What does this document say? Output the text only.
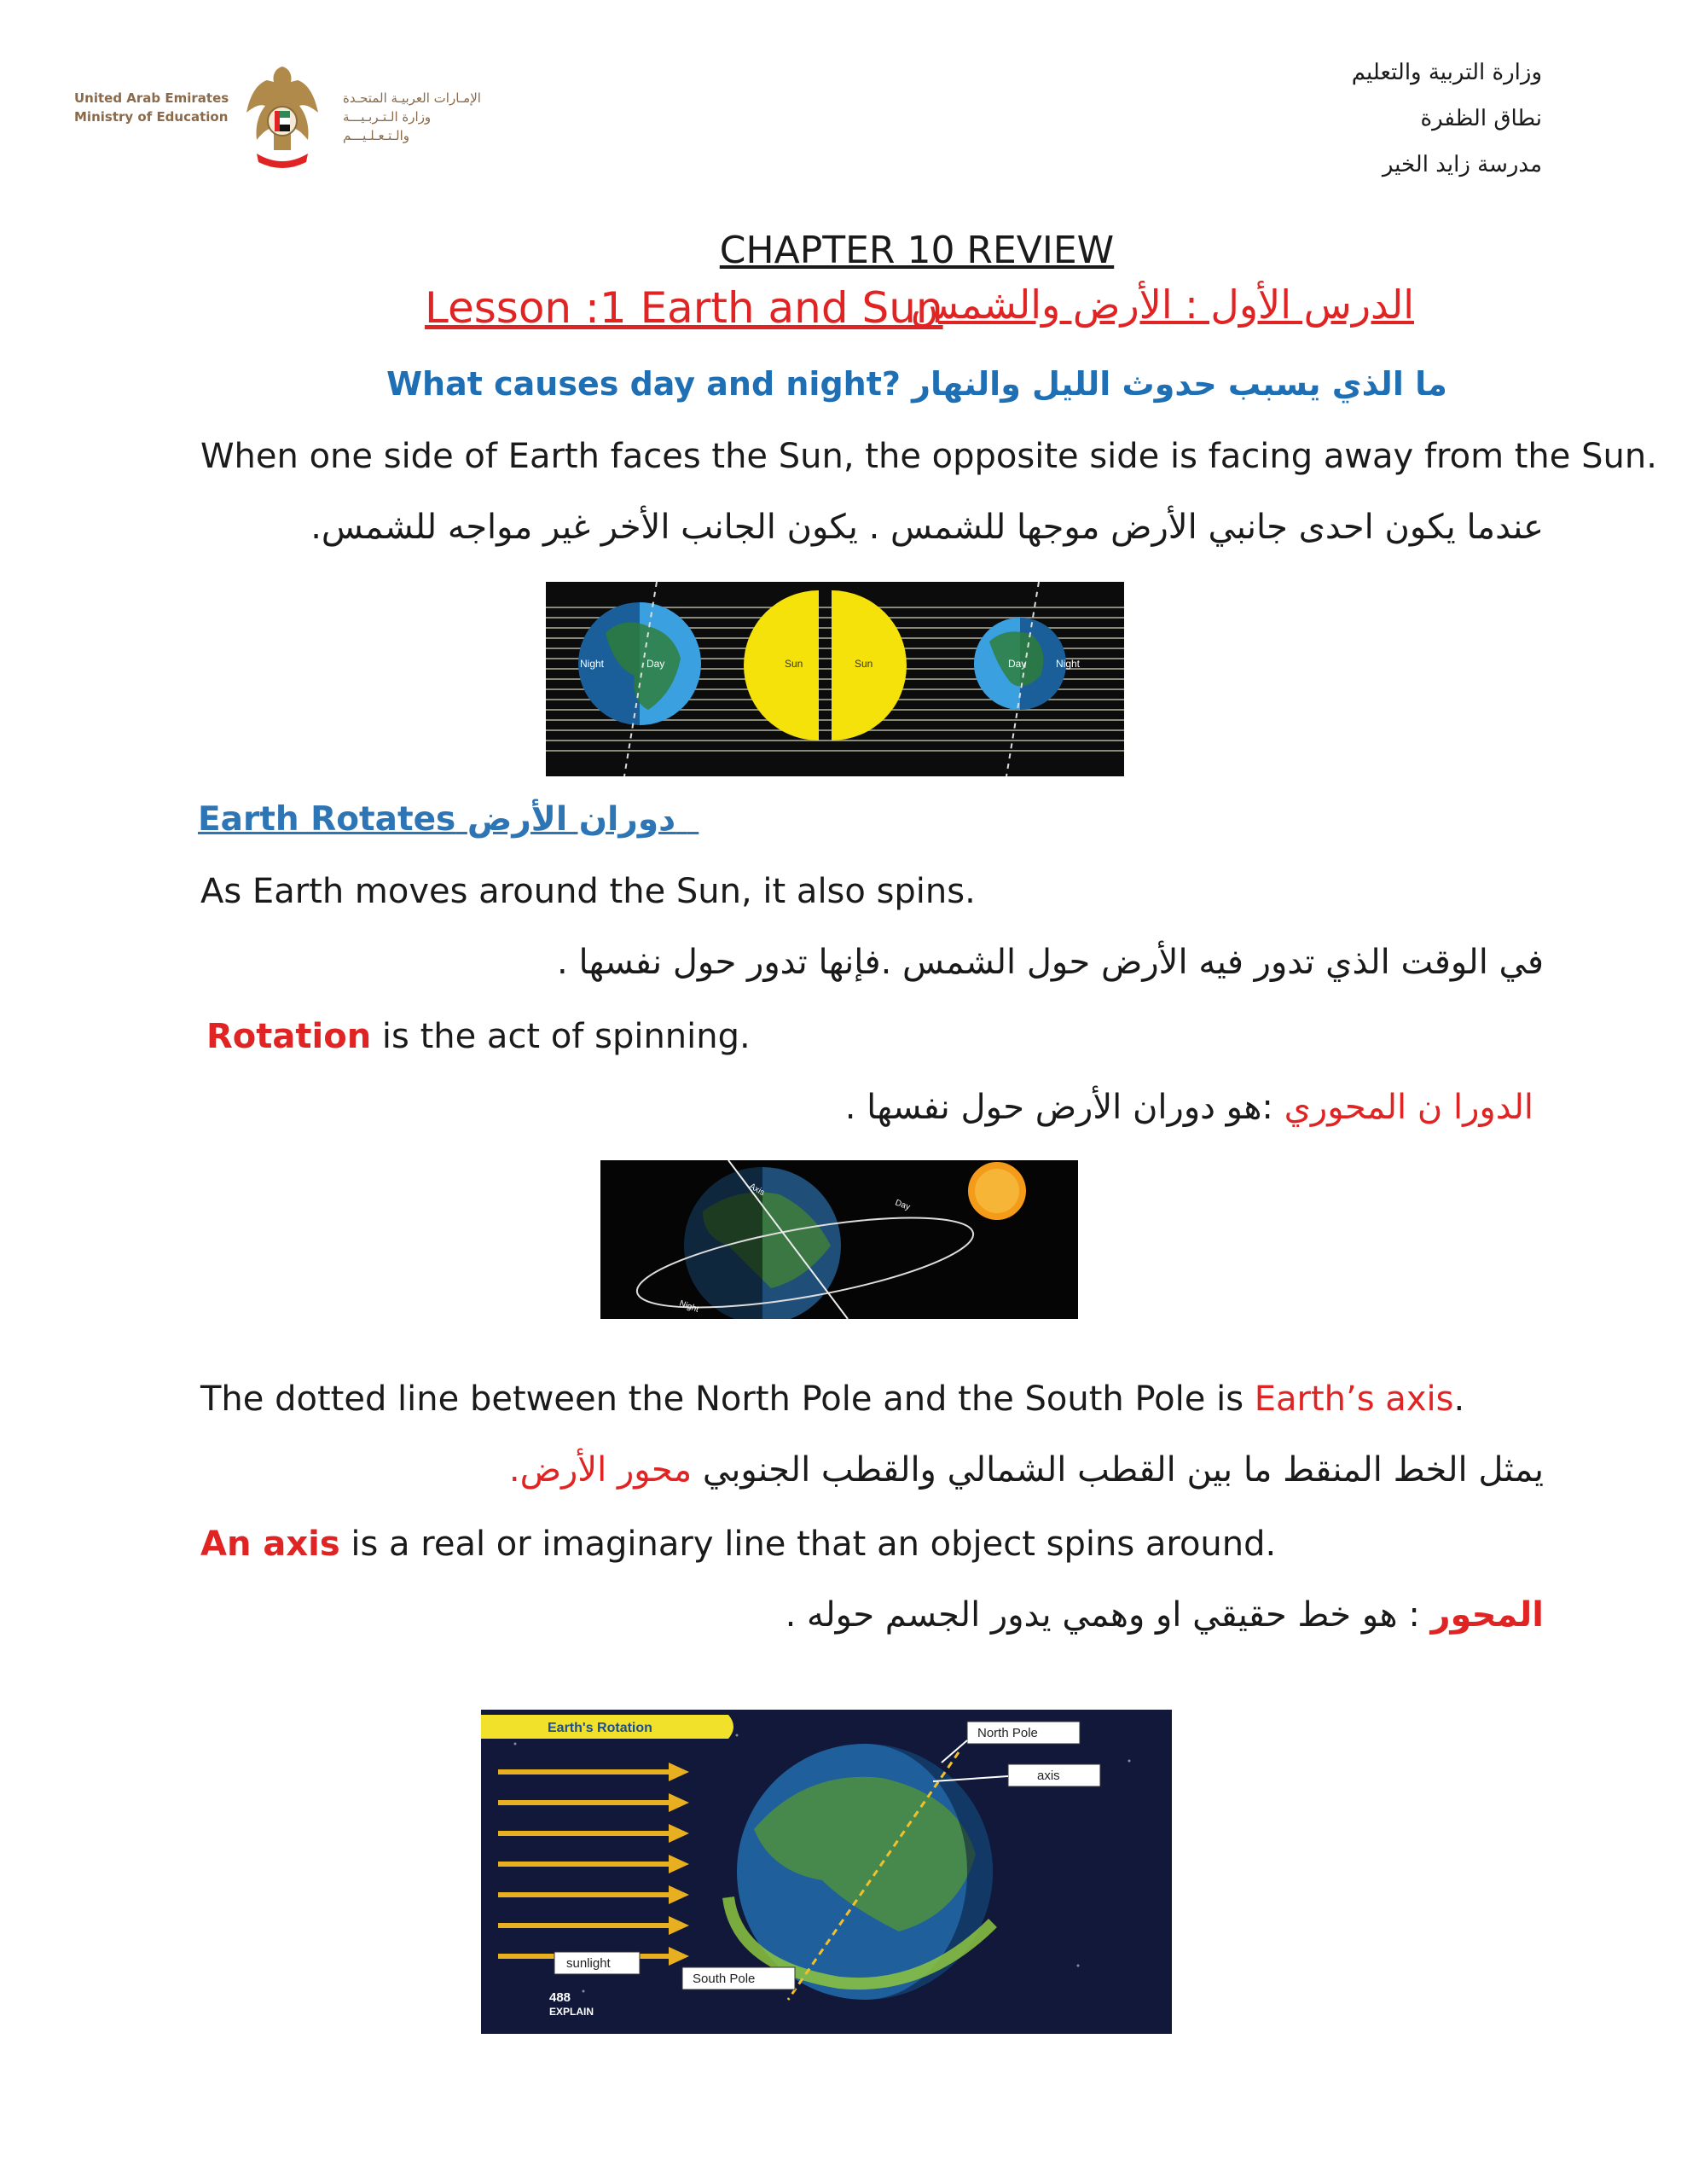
United Arab Emirates
Ministry of Education
الإمـارات العربيـة المتحـدة
وزارة الـتـربـيـــة والـتـعـلـيـــم
وزارة التربية والتعليم
نطاق الظفرة
مدرسة زايد الخير
CHAPTER 10 REVIEW
Lesson :1 Earth and Sun
الدرس الأول : الأرض والشمس
What causes day and night? ما الذي يسبب حدوث الليل والنهار
When one side of Earth faces the Sun, the opposite side is facing away from the Sun.
عندما يكون احدى جانبي الأرض موجها للشمس . يكون الجانب الأخر غير مواجه للشمس.
Night	Day	Sun	Sun	Day	Night
Earth Rotates دوران الأرض
As Earth moves around the Sun, it also spins.
في الوقت الذي تدور فيه الأرض حول الشمس .فإنها تدور حول نفسها .
Rotation is the act of spinning.
الدورا ن المحوري :هو دوران الأرض حول نفسها .
Axis
Day
Night
The dotted line between the North Pole and the South Pole is Earth’s axis.
يمثل الخط المنقط ما بين القطب الشمالي والقطب الجنوبي محور الأرض.
An axis is a real or imaginary line that an object spins around.
المحور : هو خط حقيقي او وهمي يدور الجسم حوله .
Earth's Rotation	North Pole
axis
South Pole
sunlight
488
EXPLAIN
